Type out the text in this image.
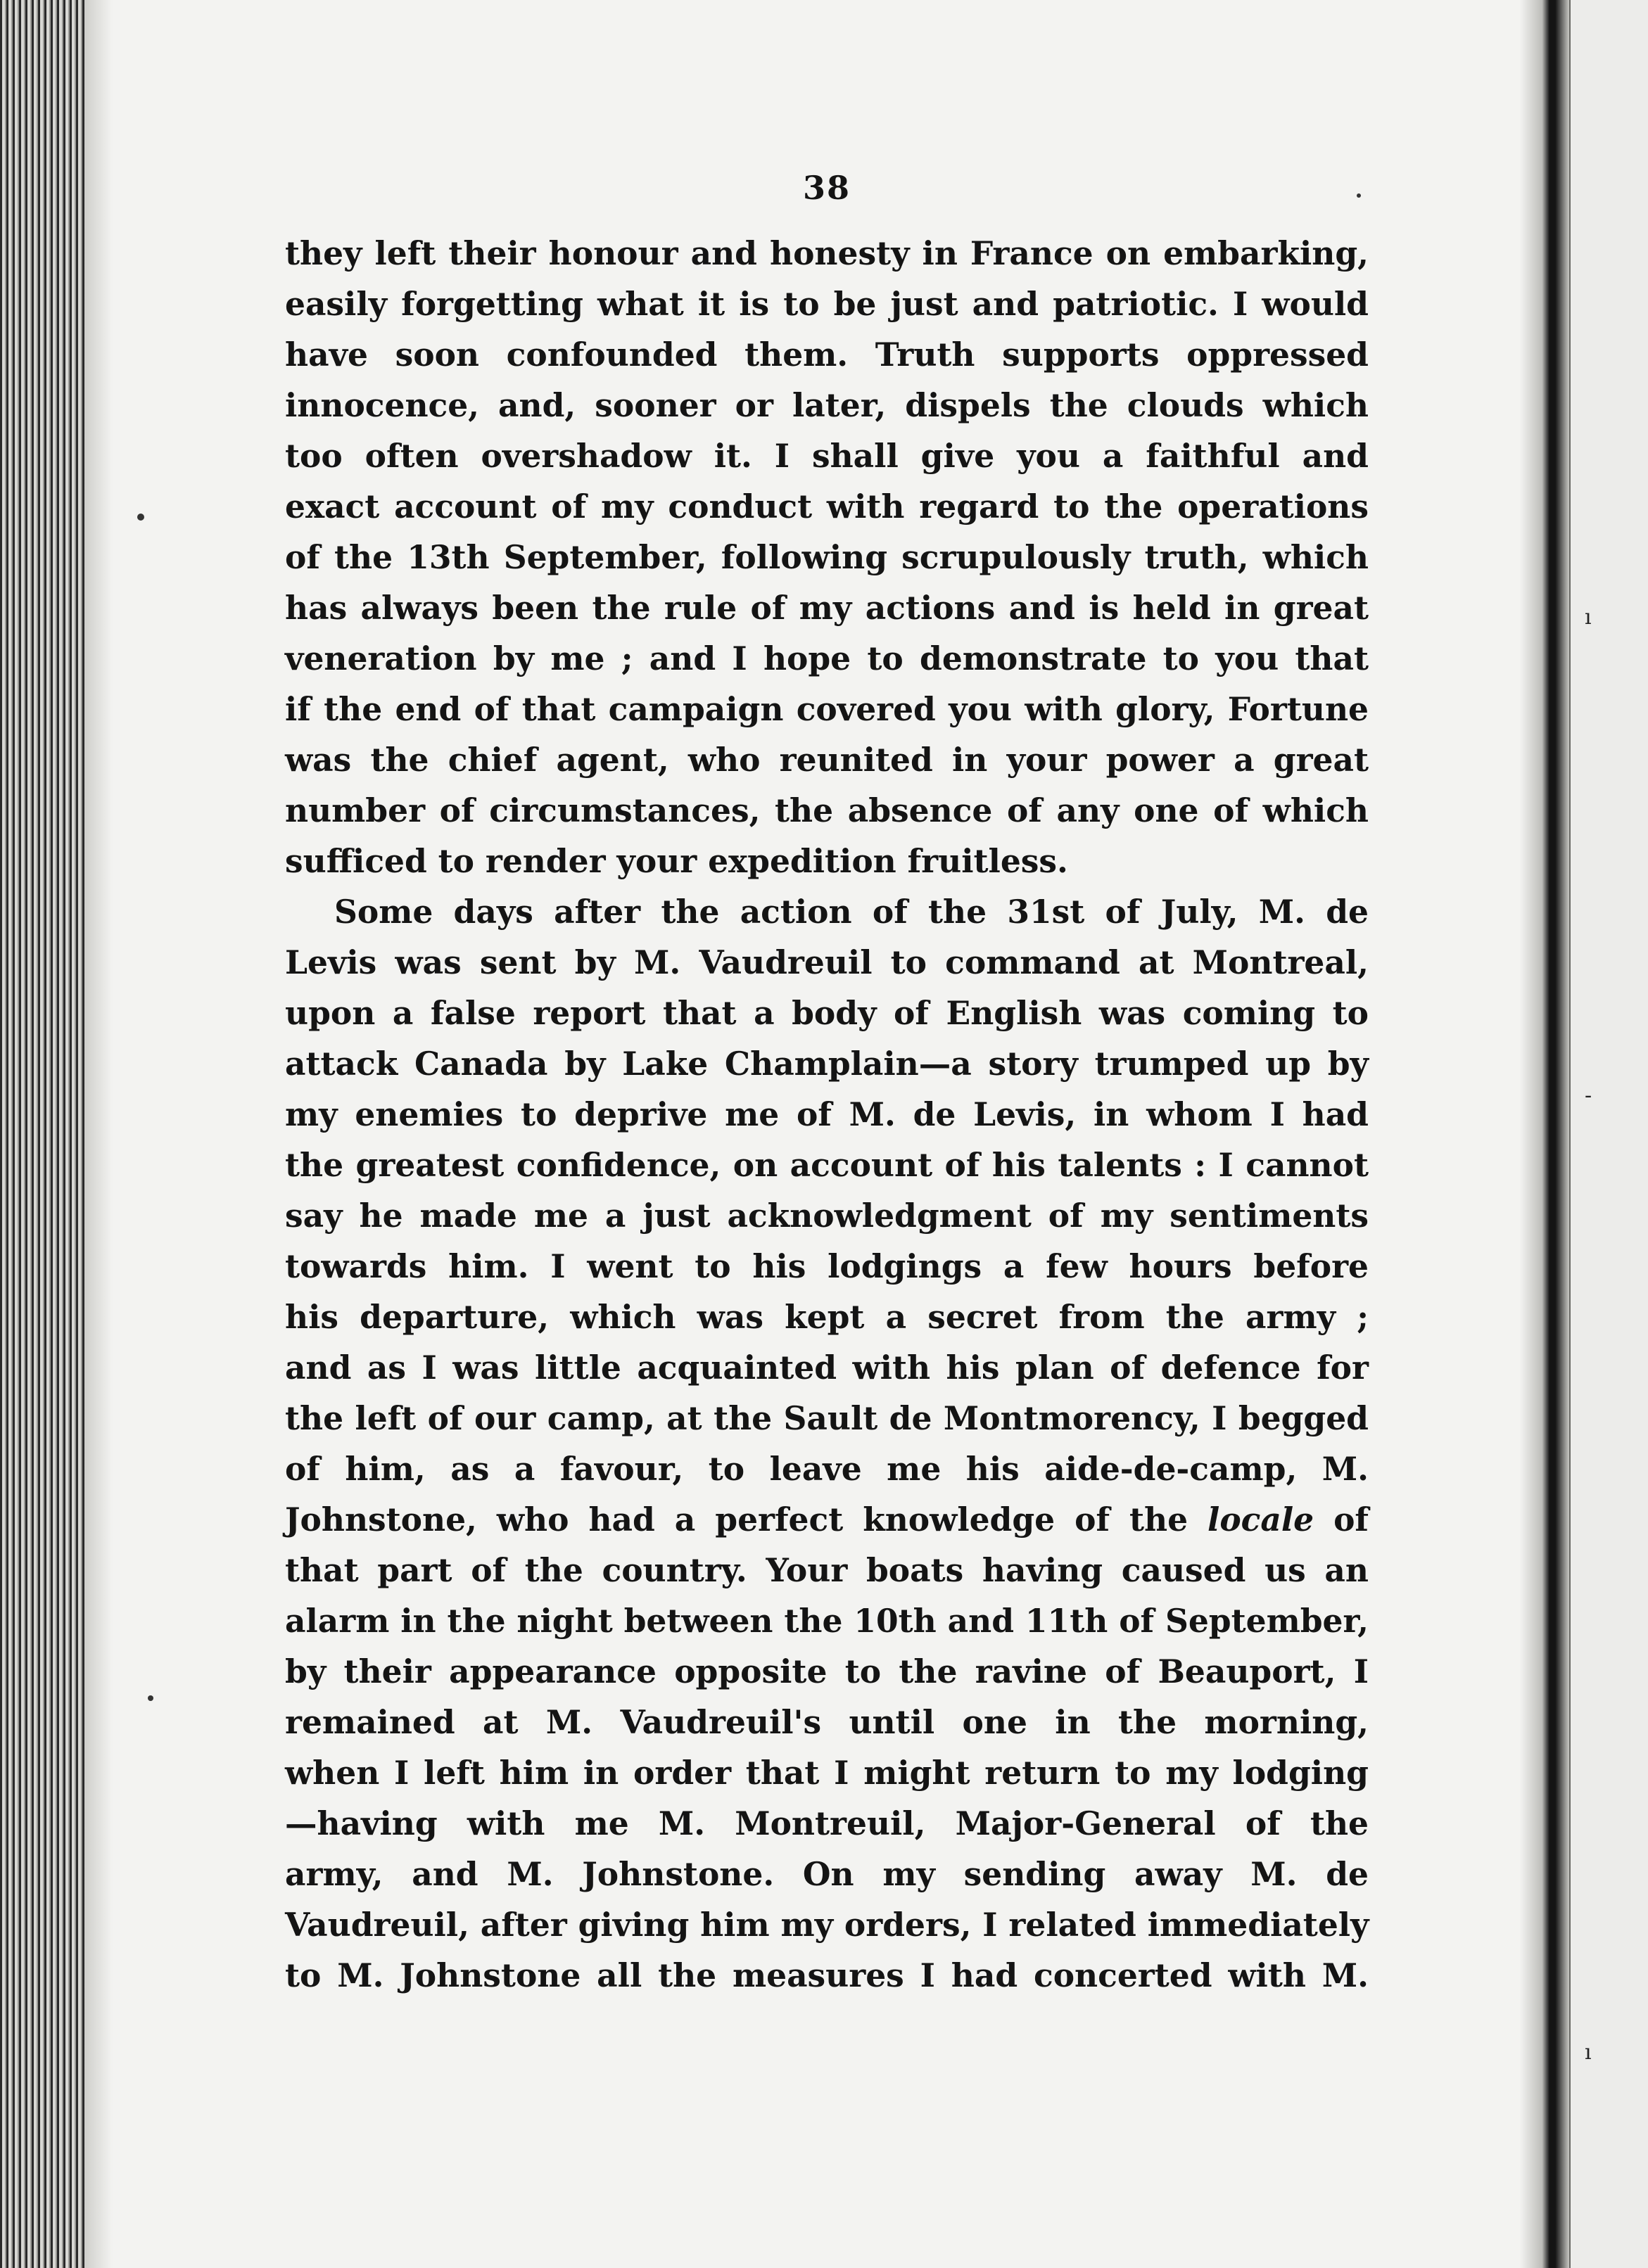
ı
-
ı
38
they left their honour and honesty in France on embarking,
easily forgetting what it is to be just and patriotic. I would
have soon confounded them. Truth supports oppressed
innocence, and, sooner or later, dispels the clouds which
too often overshadow it. I shall give you a faithful and
exact account of my conduct with regard to the operations
of the 13th September, following scrupulously truth, which
has always been the rule of my actions and is held in great
veneration by me ; and I hope to demonstrate to you that
if the end of that campaign covered you with glory, Fortune
was the chief agent, who reunited in your power a great
number of circumstances, the absence of any one of which
sufficed to render your expedition fruitless.
Some days after the action of the 31st of July, M. de
Levis was sent by M. Vaudreuil to command at Montreal,
upon a false report that a body of English was coming to
attack Canada by Lake Champlain—a story trumped up by
my enemies to deprive me of M. de Levis, in whom I had
the greatest confidence, on account of his talents : I cannot
say he made me a just acknowledgment of my sentiments
towards him. I went to his lodgings a few hours before
his departure, which was kept a secret from the army ;
and as I was little acquainted with his plan of defence for
the left of our camp, at the Sault de Montmorency, I begged
of him, as a favour, to leave me his aide-de-camp, M.
Johnstone, who had a perfect knowledge of the locale of
that part of the country. Your boats having caused us an
alarm in the night between the 10th and 11th of September,
by their appearance opposite to the ravine of Beauport, I
remained at M. Vaudreuil's until one in the morning,
when I left him in order that I might return to my lodging
—having with me M. Montreuil, Major-General of the
army, and M. Johnstone. On my sending away M. de
Vaudreuil, after giving him my orders, I related immediately
to M. Johnstone all the measures I had concerted with M.
